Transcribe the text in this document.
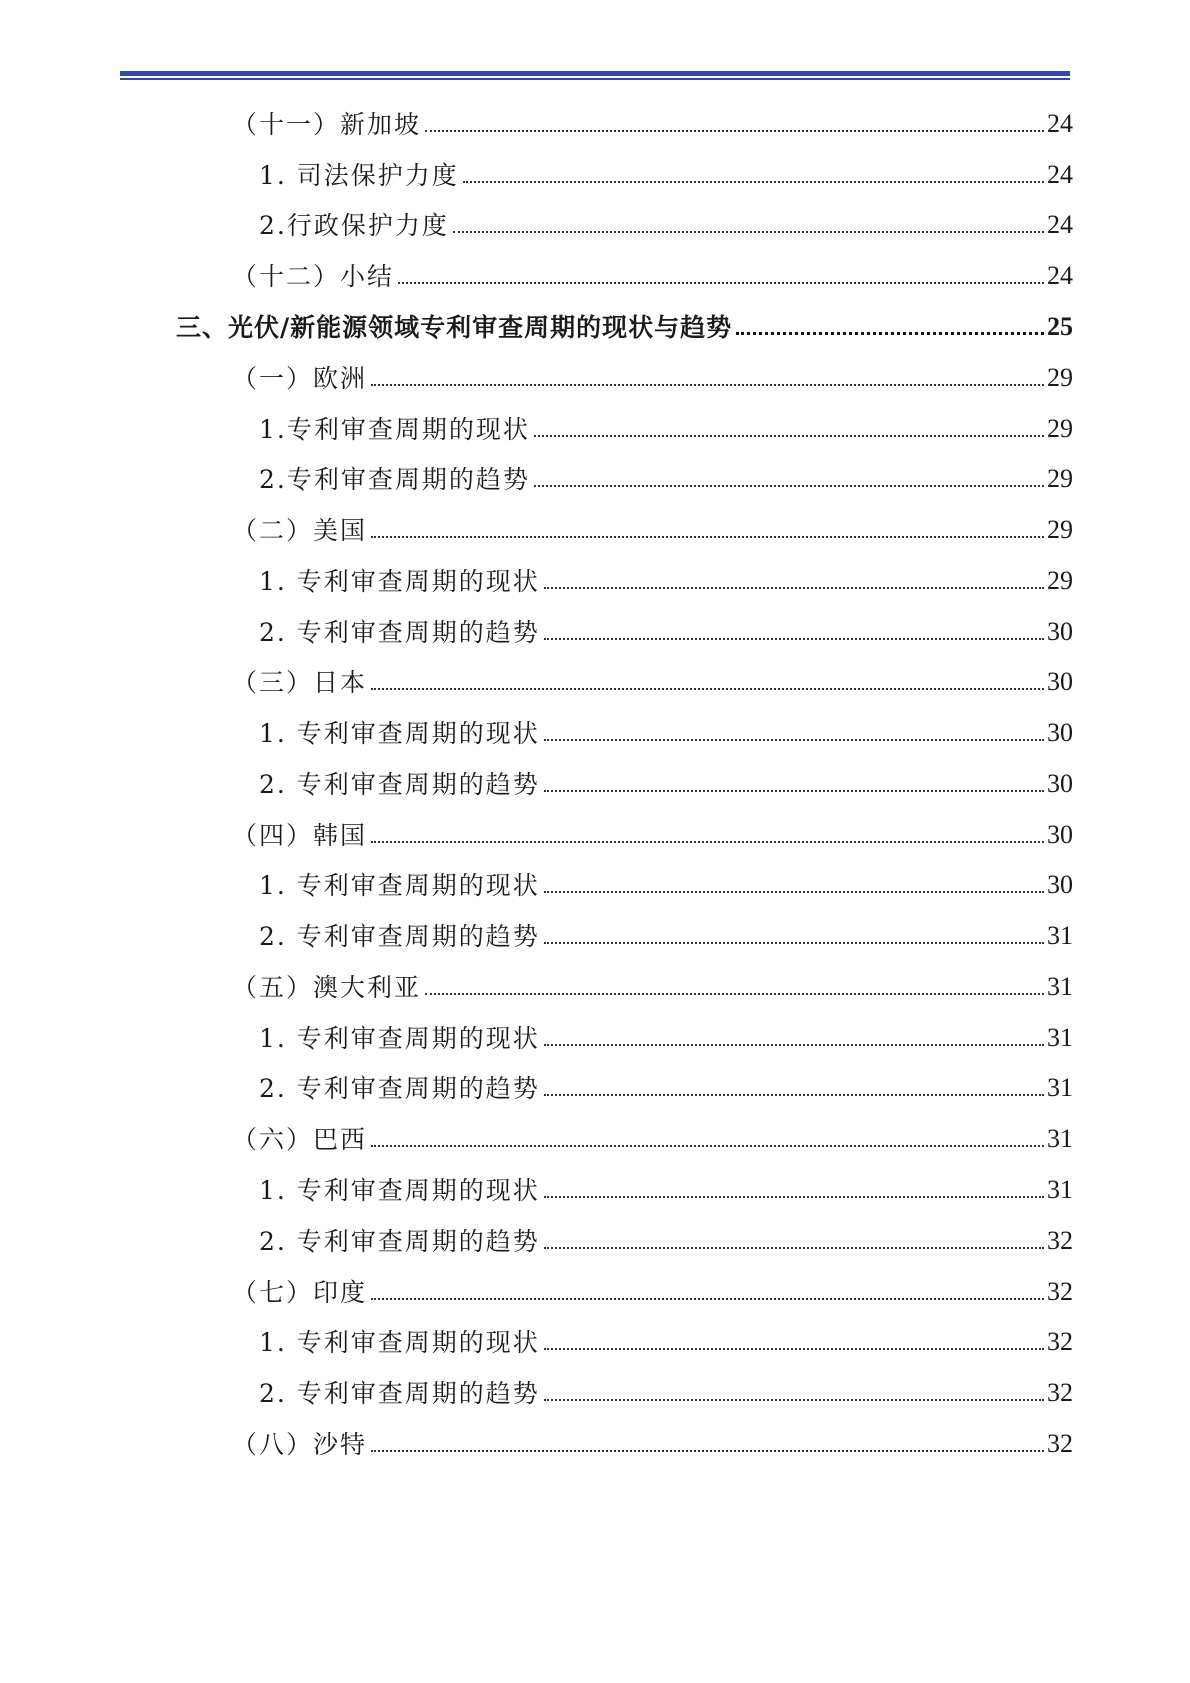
（十一）新加坡	24
1. 司法保护力度	24
2.行政保护力度	24
（十二）小结	24
三、光伏/新能源领域专利审查周期的现状与趋势	25
（一）欧洲	29
1.专利审查周期的现状	29
2.专利审查周期的趋势	29
（二）美国	29
1. 专利审查周期的现状	29
2. 专利审查周期的趋势	30
（三）日本	30
1. 专利审查周期的现状	30
2. 专利审查周期的趋势	30
（四）韩国	30
1. 专利审查周期的现状	30
2. 专利审查周期的趋势	31
（五）澳大利亚	31
1. 专利审查周期的现状	31
2. 专利审查周期的趋势	31
（六）巴西	31
1. 专利审查周期的现状	31
2. 专利审查周期的趋势	32
（七）印度	32
1. 专利审查周期的现状	32
2. 专利审查周期的趋势	32
（八）沙特	32
